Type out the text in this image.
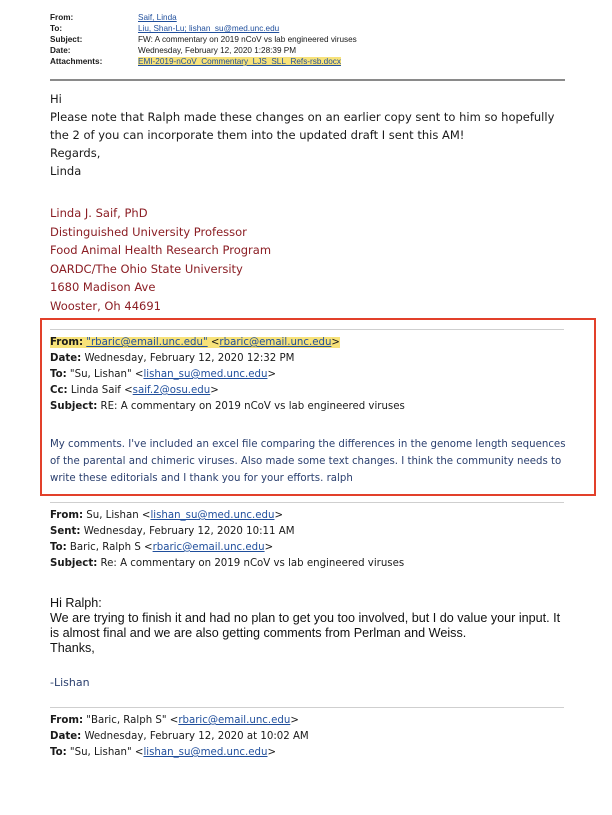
From:	Saif, Linda
To:	Liu, Shan-Lu; lishan_su@med.unc.edu
Subject:	FW: A commentary on 2019 nCoV vs lab engineered viruses
Date:	Wednesday, February 12, 2020 1:28:39 PM
Attachments:	EMI-2019-nCoV_Commentary_LJS_SLL_Refs-rsb.docx
Hi
Please note that Ralph made these changes on an earlier copy sent to him so hopefully the 2 of you can incorporate them into the updated draft I sent this AM!
Regards,
Linda
Linda J. Saif, PhD
Distinguished University Professor
Food Animal Health Research Program
OARDC/The Ohio State University
1680 Madison Ave
Wooster, Oh 44691
From: "rbaric@email.unc.edu" <rbaric@email.unc.edu>
Date: Wednesday, February 12, 2020 12:32 PM
To: "Su, Lishan" <lishan_su@med.unc.edu>
Cc: Linda Saif <saif.2@osu.edu>
Subject: RE: A commentary on 2019 nCoV vs lab engineered viruses
My comments. I've included an excel file comparing the differences in the genome length sequences of the parental and chimeric viruses. Also made some text changes. I think the community needs to write these editorials and I thank you for your efforts. ralph
From: Su, Lishan <lishan_su@med.unc.edu>
Sent: Wednesday, February 12, 2020 10:11 AM
To: Baric, Ralph S <rbaric@email.unc.edu>
Subject: Re: A commentary on 2019 nCoV vs lab engineered viruses
Hi Ralph:
We are trying to finish it and had no plan to get you too involved, but I do value your input. It is almost final and we are also getting comments from Perlman and Weiss.
Thanks,
-Lishan
From: "Baric, Ralph S" <rbaric@email.unc.edu>
Date: Wednesday, February 12, 2020 at 10:02 AM
To: "Su, Lishan" <lishan_su@med.unc.edu>
